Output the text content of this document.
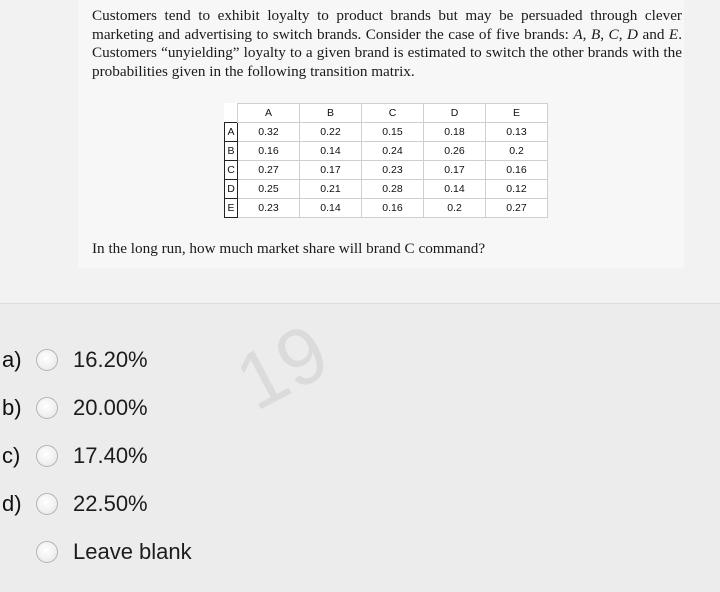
Customers tend to exhibit loyalty to product brands but may be persuaded through clever marketing and advertising to switch brands. Consider the case of five brands: A, B, C, D and E. Customers “unyielding” loyalty to a given brand is estimated to switch the other brands with the probabilities given in the following transition matrix.

	A	B	C	D	E
A	0.32	0.22	0.15	0.18	0.13
B	0.16	0.14	0.24	0.26	0.2
C	0.27	0.17	0.23	0.17	0.16
D	0.25	0.21	0.28	0.14	0.12
E	0.23	0.14	0.16	0.2	0.27

In the long run, how much market share will brand C command?

19
a)	16.20%
b)	20.00%
c)	17.40%
d)	22.50%
Leave blank
